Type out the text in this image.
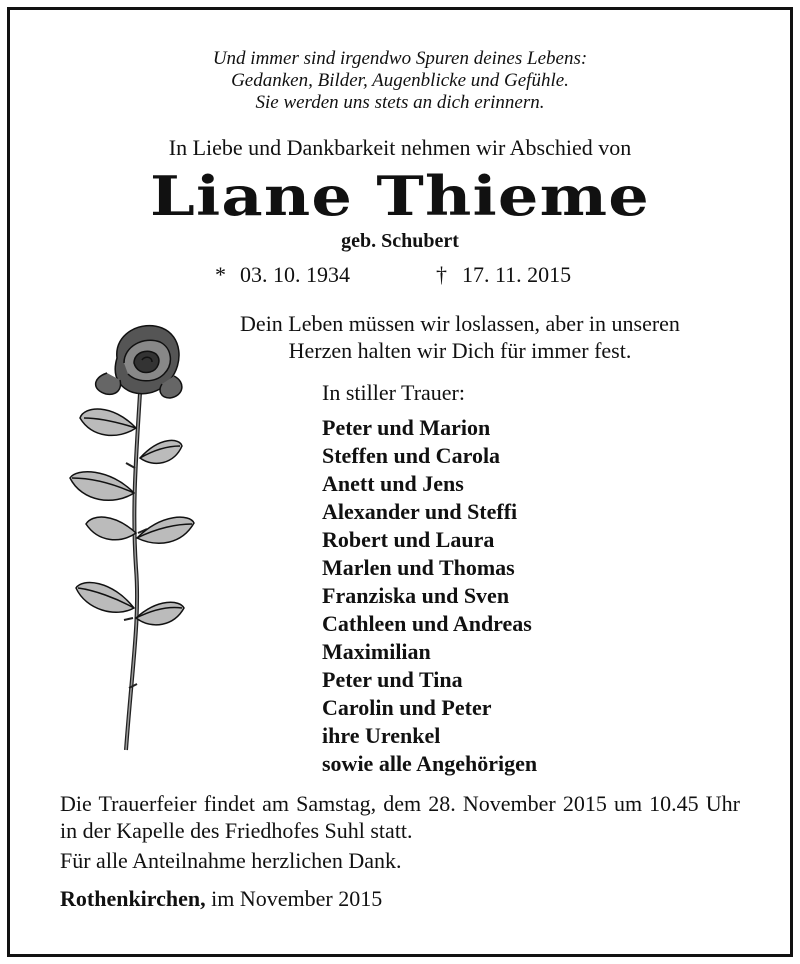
Und immer sind irgendwo Spuren deines Lebens:
Gedanken, Bilder, Augenblicke und Gefühle.
Sie werden uns stets an dich erinnern.
In Liebe und Dankbarkeit nehmen wir Abschied von
Liane Thieme
geb. Schubert
* 03. 10. 1934	† 17. 11. 2015
Dein Leben müssen wir loslassen, aber in unseren
Herzen halten wir Dich für immer fest.
In stiller Trauer:
Peter und Marion
Steffen und Carola
Anett und Jens
Alexander und Steffi
Robert und Laura
Marlen und Thomas
Franziska und Sven
Cathleen und Andreas
Maximilian
Peter und Tina
Carolin und Peter
ihre Urenkel
sowie alle Angehörigen
Die Trauerfeier findet am Samstag, dem 28. November 2015 um 10.45 Uhr in der Kapelle des Friedhofes Suhl statt.
Für alle Anteilnahme herzlichen Dank.
Rothenkirchen, im November 2015
